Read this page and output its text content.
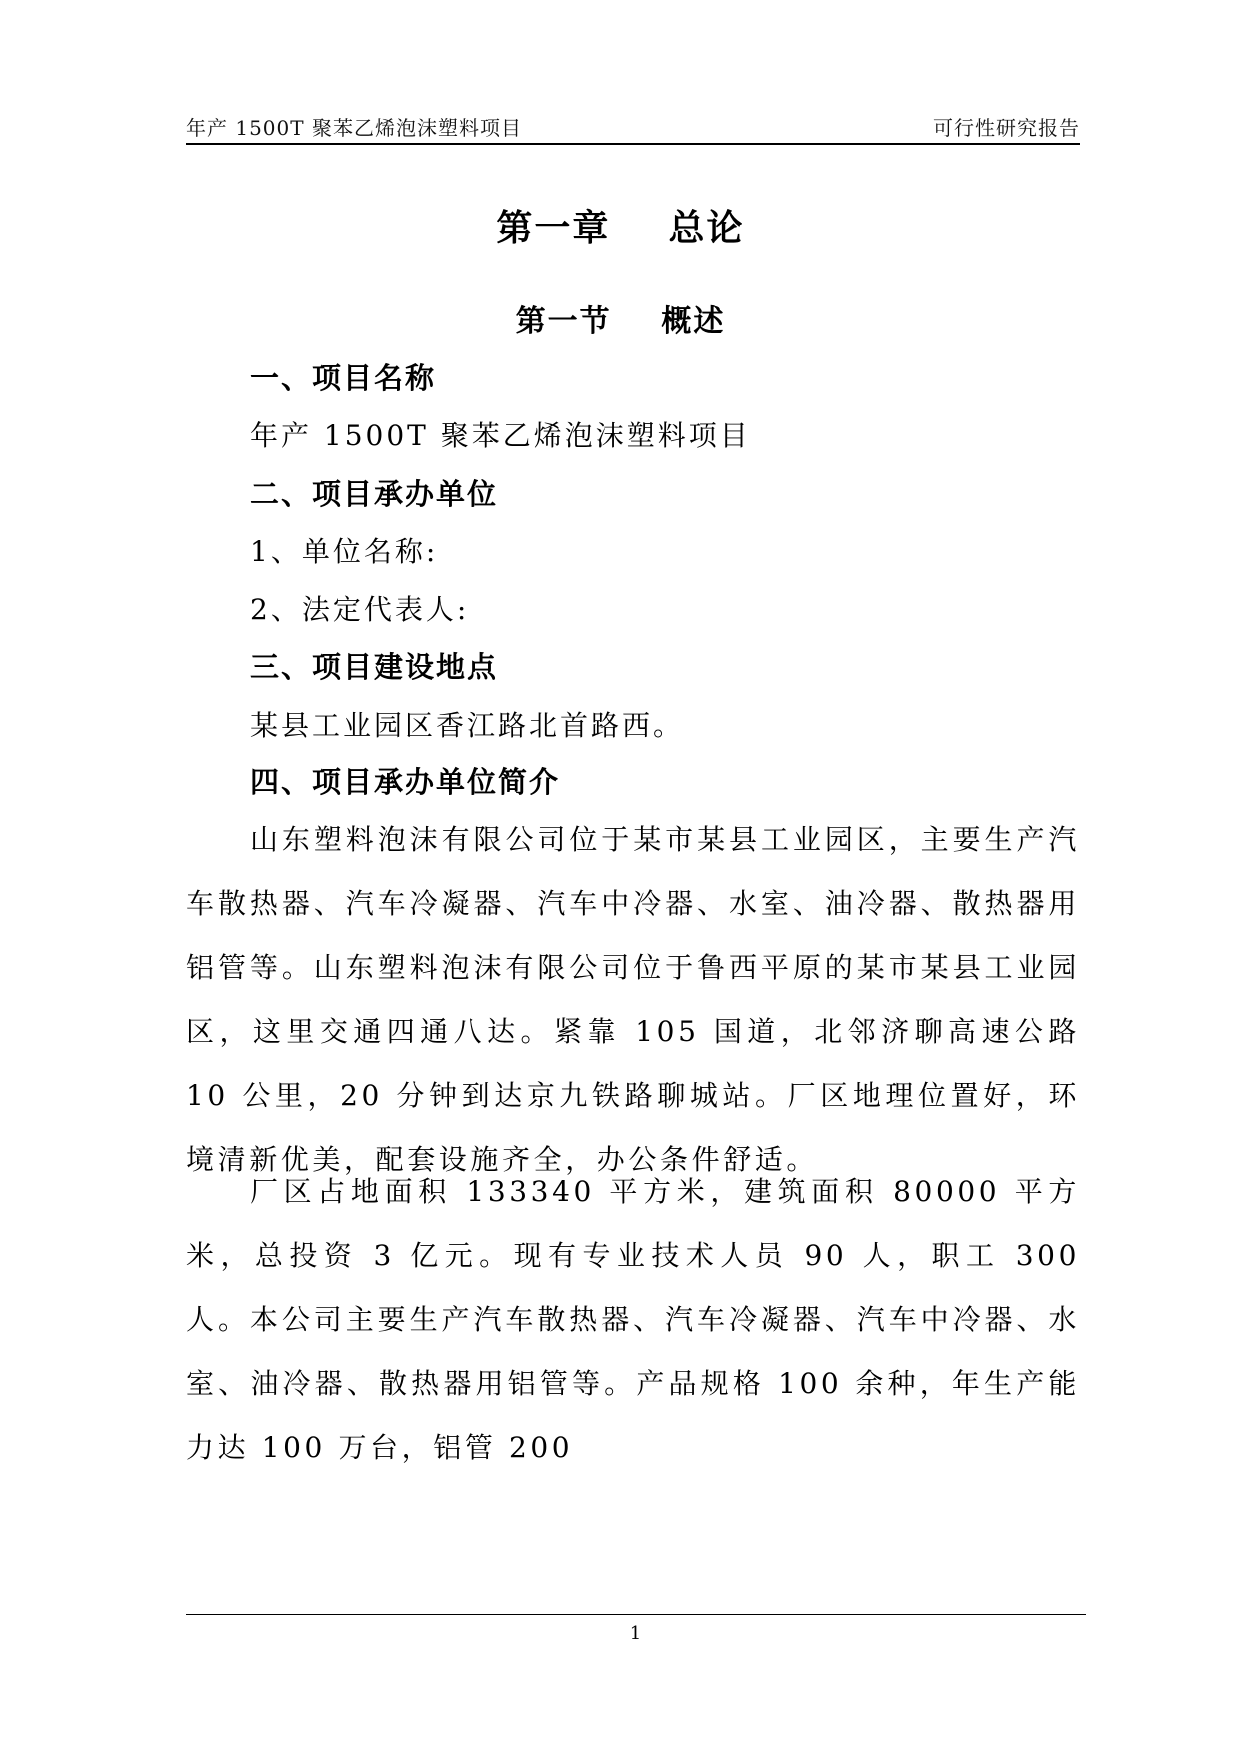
年产 1500T 聚苯乙烯泡沫塑料项目	可行性研究报告
第一章    总论
第一节    概述
一、项目名称
年产 1500T 聚苯乙烯泡沫塑料项目
二、项目承办单位
1、单位名称:
2、法定代表人:
三、项目建设地点
某县工业园区香江路北首路西。
四、项目承办单位简介

山东塑料泡沫有限公司位于某市某县工业园区，主要生产汽车散热器、汽车冷凝器、汽车中冷器、水室、油冷器、散热器用铝管等。山东塑料泡沫有限公司位于鲁西平原的某市某县工业园区，这里交通四通八达。紧靠 105 国道，北邻济聊高速公路 10 公里，20 分钟到达京九铁路聊城站。厂区地理位置好，环境清新优美，配套设施齐全，办公条件舒适。

厂区占地面积 133340 平方米，建筑面积 80000 平方米，总投资 3 亿元。现有专业技术人员 90 人，职工 300 人。本公司主要生产汽车散热器、汽车冷凝器、汽车中冷器、水室、油冷器、散热器用铝管等。产品规格 100 余种，年生产能力达 100 万台，铝管 200

1
